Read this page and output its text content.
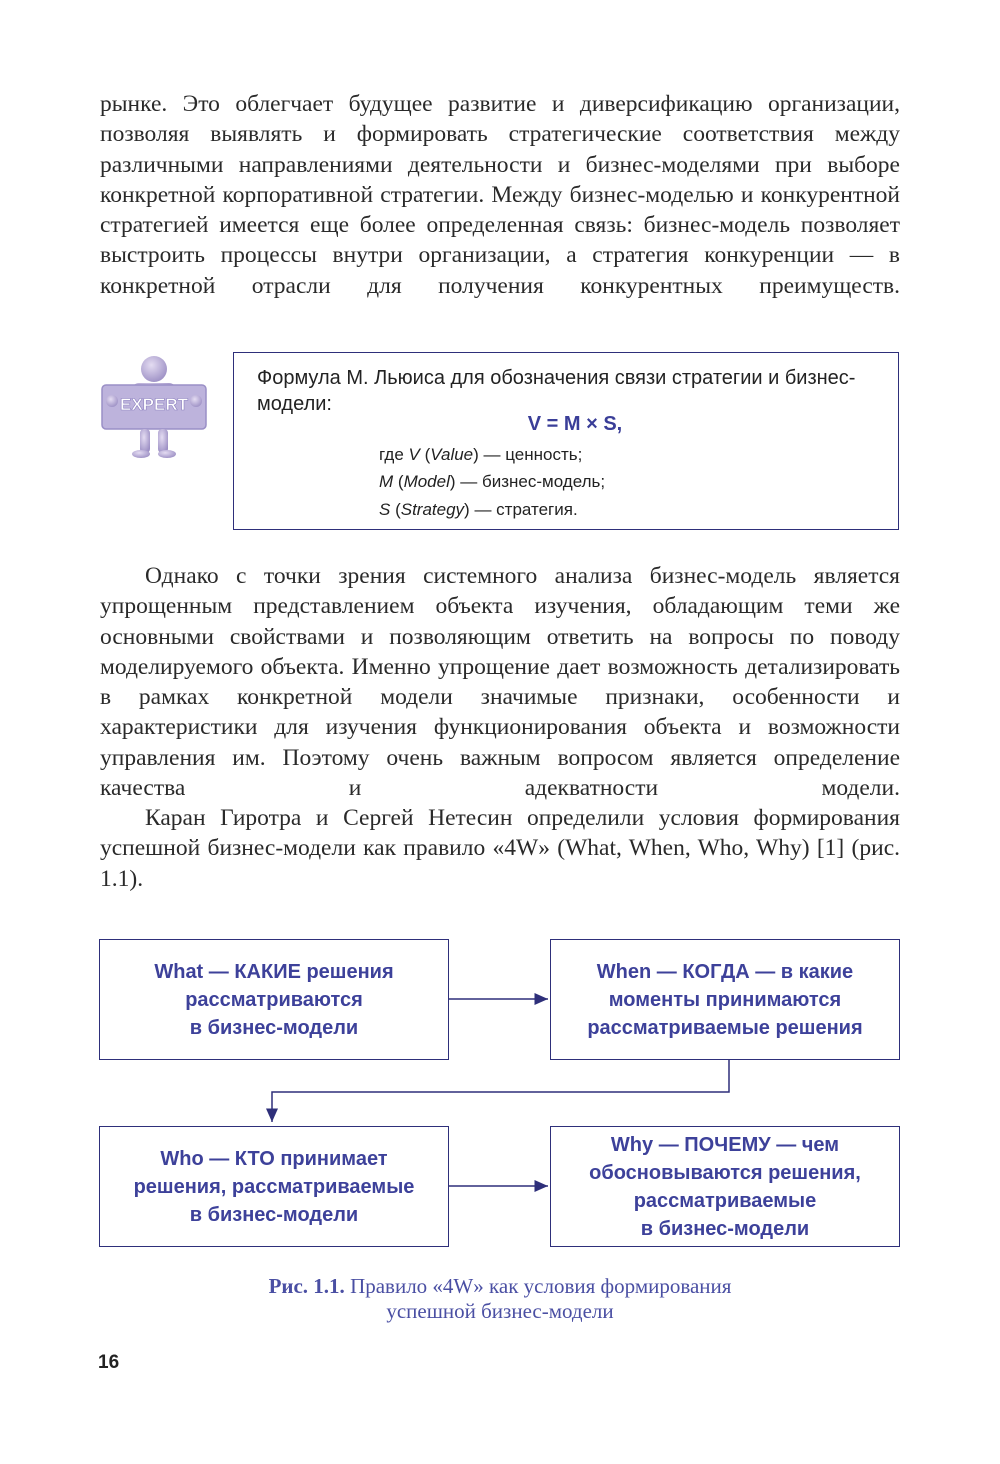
рынке. Это облегчает будущее развитие и диверсификацию организации, позволяя выявлять и формировать стратегические соответствия между различными направлениями деятельности и бизнес-моделями при выборе конкретной корпоративной стратегии. Между бизнес-моделью и конкурентной стратегией имеется еще более определенная связь: бизнес-модель позволяет выстроить процессы внутри организации, а стратегия конкуренции — в конкретной отрасли для получения конкурентных преимуществ.

EXPERT

Формула М. Льюиса для обозначения связи стратегии и бизнес-модели:

V = M × S,
где V (Value) — ценность;
M (Model) — бизнес-модель;
S (Strategy) — стратегия.

Однако с точки зрения системного анализа бизнес-модель является упрощенным представлением объекта изучения, обладающим теми же основными свойствами и позволяющим ответить на вопросы по поводу моделируемого объекта. Именно упрощение дает возможность детализировать в рамках конкретной модели значимые признаки, особенности и характеристики для изучения функционирования объекта и возможности управления им. Поэтому очень важным вопросом является определение качества и адекватности модели.

Каран Гиротра и Сергей Нетесин определили условия формирования успешной бизнес-модели как правило «4W» (What, When, Who, Why) [1] (рис. 1.1).

What — КАКИЕ решения
рассматриваются
в бизнес-модели
When — КОГДА — в какие
моменты принимаются
рассматриваемые решения
Who — КТО принимает
решения, рассматриваемые
в бизнес-модели
Why — ПОЧЕМУ — чем
обосновываются решения,
рассматриваемые
в бизнес-модели

Рис. 1.1. Правило «4W» как условия формирования
успешной бизнес-модели

16
